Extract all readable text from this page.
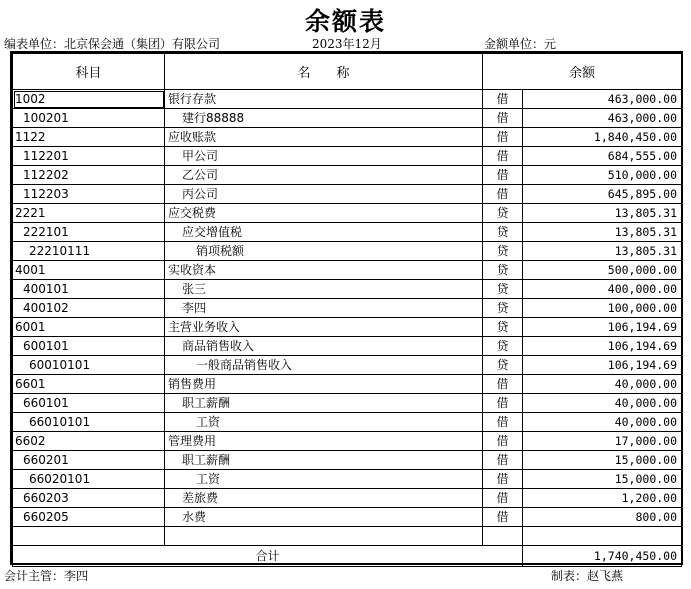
余额表
编表单位：北京保会通（集团）有限公司	2023年12月	金额单位：元
科目	名　　称	余额	
1002	银行存款	借	463,000.00
100201	建行88888	借	463,000.00
1122	应收账款	借	1,840,450.00
112201	甲公司	借	684,555.00
112202	乙公司	借	510,000.00
112203	丙公司	借	645,895.00
2221	应交税费	贷	13,805.31
222101	应交增值税	贷	13,805.31
22210111	销项税额	贷	13,805.31
4001	实收资本	贷	500,000.00
400101	张三	贷	400,000.00
400102	李四	贷	100,000.00
6001	主营业务收入	贷	106,194.69
600101	商品销售收入	贷	106,194.69
60010101	一般商品销售收入	贷	106,194.69
6601	销售费用	借	40,000.00
660101	职工薪酬	借	40,000.00
66010101	工资	借	40,000.00
6602	管理费用	借	17,000.00
660201	职工薪酬	借	15,000.00
66020101	工资	借	15,000.00
660203	差旅费	借	1,200.00
660205	水费	借	800.00

合计			1,740,450.00
会计主管：李四	制表：赵飞燕
